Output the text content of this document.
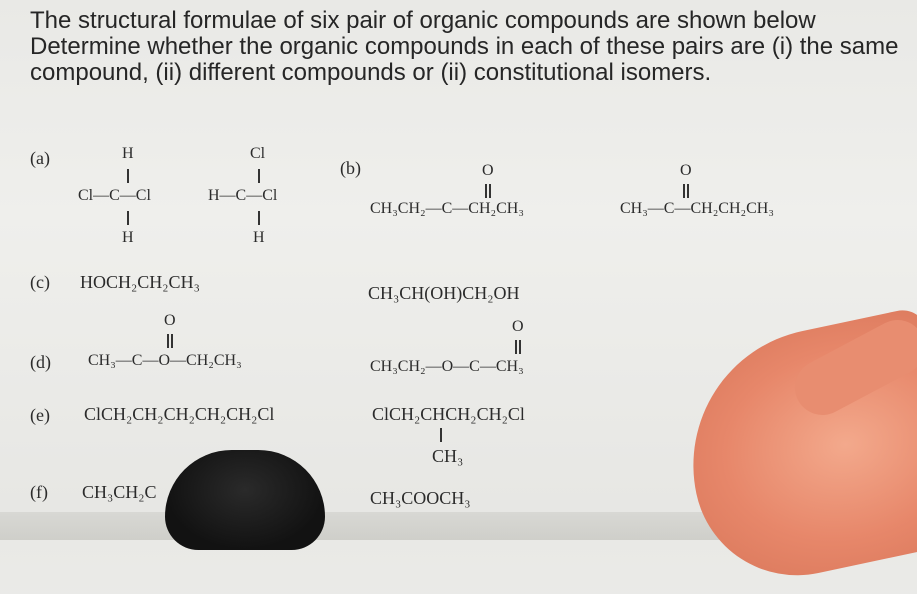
The structural formulae of six pair of organic compounds are shown below
Determine whether the organic compounds in each of these pairs are (i) the same
compound, (ii) different compounds or (ii) constitutional isomers.
(a)	H
Cl—C—Cl
H
Cl
H—C—Cl
H
(b)	O
CH₃CH₂—C—CH₂CH₃
O
CH₃—C—CH₂CH₂CH₃
(c) HOCH₂CH₂CH₃
CH₃CH(OH)CH₂OH
(d)
O
CH₃—C—O—CH₂CH₃
O
CH₃CH₂—O—C—CH₃
(e) ClCH₂CH₂CH₂CH₂CH₂Cl	ClCH₂CHCH₂CH₂Cl
CH₃
(f) CH₃CH₂C	CH₃COOCH₃
